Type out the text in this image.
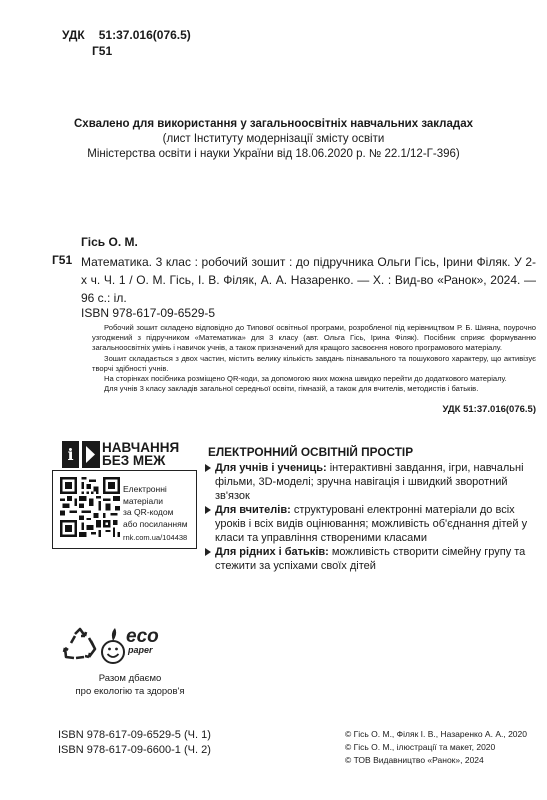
УДК 51:37.016(076.5)
Г51
Схвалено для використання у загальноосвітніх навчальних закладах
(лист Інституту модернізації змісту освіти
Міністерства освіти і науки України від 18.06.2020 р. № 22.1/12-Г-396)
Гісь О. М.
Г51 Математика. 3 клас : робочий зошит : до підручника Ольги Гісь, Ірини Філяк. У 2-х ч. Ч. 1 / О. М. Гісь, І. В. Філяк, А. А. Назаренко. — Х. : Вид-во «Ранок», 2024. — 96 с.: іл.
ISBN 978-617-09-6529-5

Робочий зошит складено відповідно до Типової освітньої програми, розробленої під керівництвом Р. Б. Шияна, поурочно узгоджений з підручником «Математика» для 3 класу (авт. Ольга Гісь, Ірина Філяк). Посібник сприяє формуванню загальноосвітніх умінь і навичок учнів, а також призначений для кращого засвоєння нового програмового матеріалу.

Зошит складається з двох частин, містить велику кількість завдань пізнавального та пошукового характеру, що активізує творчі здібності учнів.

На сторінках посібника розміщено QR-коди, за допомогою яких можна швидко перейти до додаткового матеріалу.

Для учнів 3 класу закладів загальної середньої освіти, гімназій, а також для вчителів, методистів і батьків.

УДК 51:37.016(076.5)
i	НАВЧАННЯ
БЕЗ МЕЖ
Електронні
матеріали
за QR-кодом
або посиланням
rnk.com.ua/104438
ЕЛЕКТРОННИЙ ОСВІТНІЙ ПРОСТІР
Для учнів і учениць: інтерактивні завдання, ігри, навчальні фільми, 3D-моделі; зручна навігація і швидкий зворотний зв'язок
Для вчителів: структуровані електронні матеріали до всіх уроків і всіх видів оцінювання; можливість об'єднання дітей у класи та управління створеними класами
Для рідних і батьків: можливість створити сімейну групу та стежити за успіхами своїх дітей
eco
paper
Разом дбаємо
про екологію та здоров'я
ISBN 978-617-09-6529-5 (Ч. 1)
ISBN 978-617-09-6600-1 (Ч. 2)
© Гісь О. М., Філяк І. В., Назаренко А. А., 2020
© Гісь О. М., ілюстрації та макет, 2020
© ТОВ Видавництво «Ранок», 2024
